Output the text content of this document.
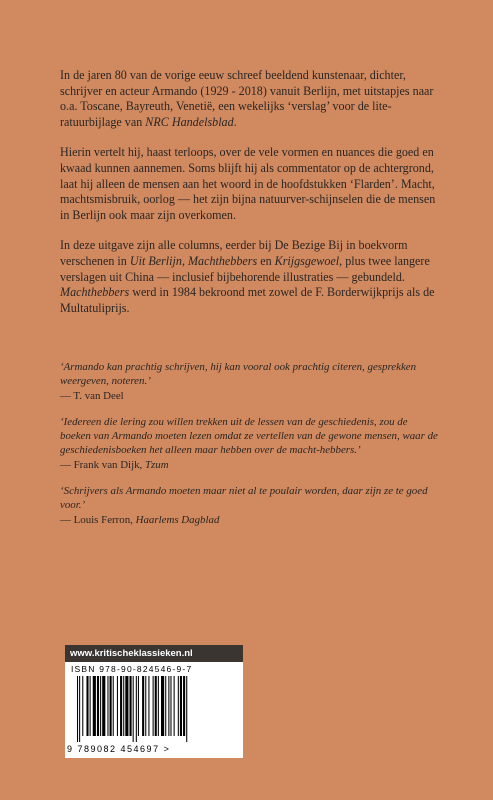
In de jaren 80 van de vorige eeuw schreef beeldend kunstenaar, dichter, schrijver en acteur Armando (1929 - 2018) vanuit Berlijn, met uitstapjes naar o.a. Toscane, Bayreuth, Venetië, een wekelijks ‘verslag’ voor de lite-ratuurbijlage van NRC Handelsblad.

Hierin vertelt hij, haast terloops, over de vele vormen en nuances die goed en kwaad kunnen aannemen. Soms blijft hij als commentator op de achtergrond, laat hij alleen de mensen aan het woord in de hoofdstukken ‘Flarden’. Macht, machtsmisbruik, oorlog — het zijn bijna natuurver-schijnselen die de mensen in Berlijn ook maar zijn overkomen.

In deze uitgave zijn alle columns, eerder bij De Bezige Bij in boekvorm verschenen in Uit Berlijn, Machthebbers en Krijgsgewoel, plus twee langere verslagen uit China — inclusief bijbehorende illustraties — gebundeld. Machthebbers werd in 1984 bekroond met zowel de F. Borderwijkprijs als de Multatuliprijs.

‘Armando kan prachtig schrijven, hij kan vooral ook prachtig citeren, gesprekken weergeven, noteren.’
— T. van Deel
‘Iedereen die lering zou willen trekken uit de lessen van de geschiedenis, zou de boeken van Armando moeten lezen omdat ze vertellen van de gewone mensen, waar de geschiedenisboeken het alleen maar hebben over de macht-hebbers.’
— Frank van Dijk, Tzum
‘Schrijvers als Armando moeten maar niet al te poulair worden, daar zijn ze te goed voor.’
— Louis Ferron, Haarlems Dagblad
www.kritischeklassieken.nl
ISBN 978-90-824546-9-7
9 789082 454697 >
